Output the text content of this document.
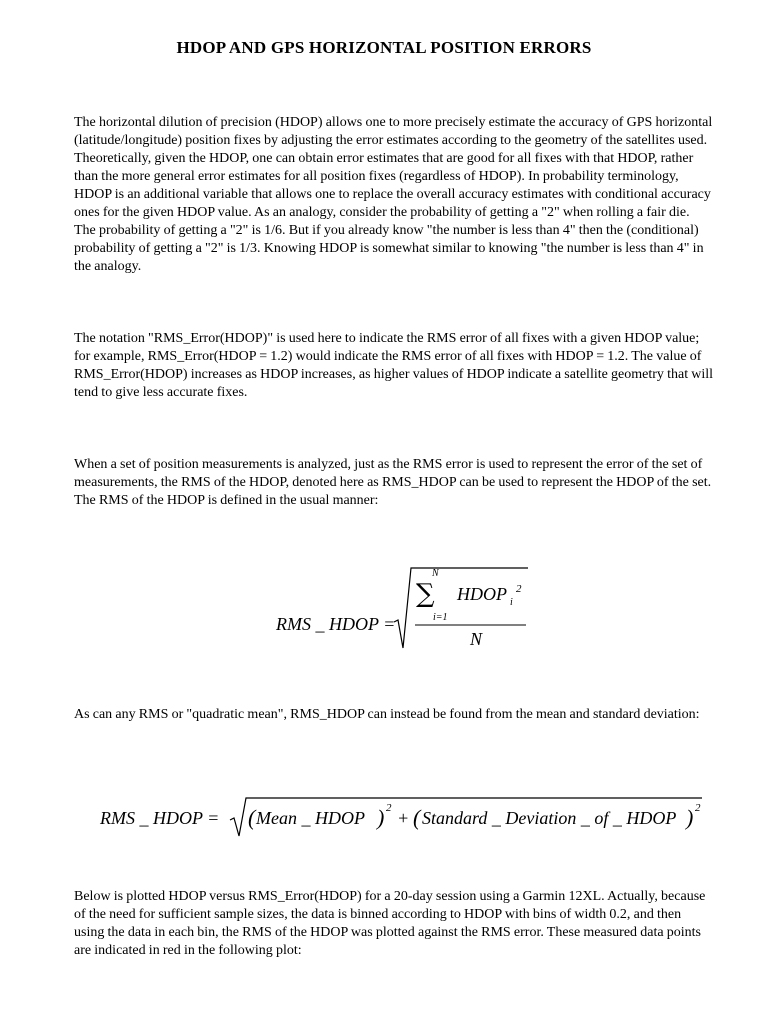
HDOP AND GPS HORIZONTAL POSITION ERRORS
The horizontal dilution of precision (HDOP) allows one to more precisely estimate the accuracy of GPS horizontal (latitude/longitude) position fixes by adjusting the error estimates according to the geometry of the satellites used. Theoretically, given the HDOP, one can obtain error estimates that are good for all fixes with that HDOP, rather than the more general error estimates for all position fixes (regardless of HDOP). In probability terminology, HDOP is an additional variable that allows one to replace the overall accuracy estimates with conditional accuracy ones for the given HDOP value. As an analogy, consider the probability of getting a "2" when rolling a fair die. The probability of getting a "2" is 1/6. But if you already know "the number is less than 4" then the (conditional) probability of getting a "2" is 1/3. Knowing HDOP is somewhat similar to knowing "the number is less than 4" in the analogy.
The notation "RMS_Error(HDOP)" is used here to indicate the RMS error of all fixes with a given HDOP value; for example, RMS_Error(HDOP = 1.2) would indicate the RMS error of all fixes with HDOP = 1.2. The value of RMS_Error(HDOP) increases as HDOP increases, as higher values of HDOP indicate a satellite geometry that will tend to give less accurate fixes.
When a set of position measurements is analyzed, just as the RMS error is used to represent the error of the set of measurements, the RMS of the HDOP, denoted here as RMS_HDOP can be used to represent the HDOP of the set. The RMS of the HDOP is defined in the usual manner:
RMS _ HDOP =
N
∑
i=1
HDOP i
2
N
As can any RMS or "quadratic mean", RMS_HDOP can instead be found from the mean and standard deviation:
RMS _ HDOP = ( Mean _ HDOP ) 2 + ( Standard _ Deviation _ of _ HDOP ) 2
Below is plotted HDOP versus RMS_Error(HDOP) for a 20-day session using a Garmin 12XL. Actually, because of the need for sufficient sample sizes, the data is binned according to HDOP with bins of width 0.2, and then using the data in each bin, the RMS of the HDOP was plotted against the RMS error. These measured data points are indicated in red in the following plot:
